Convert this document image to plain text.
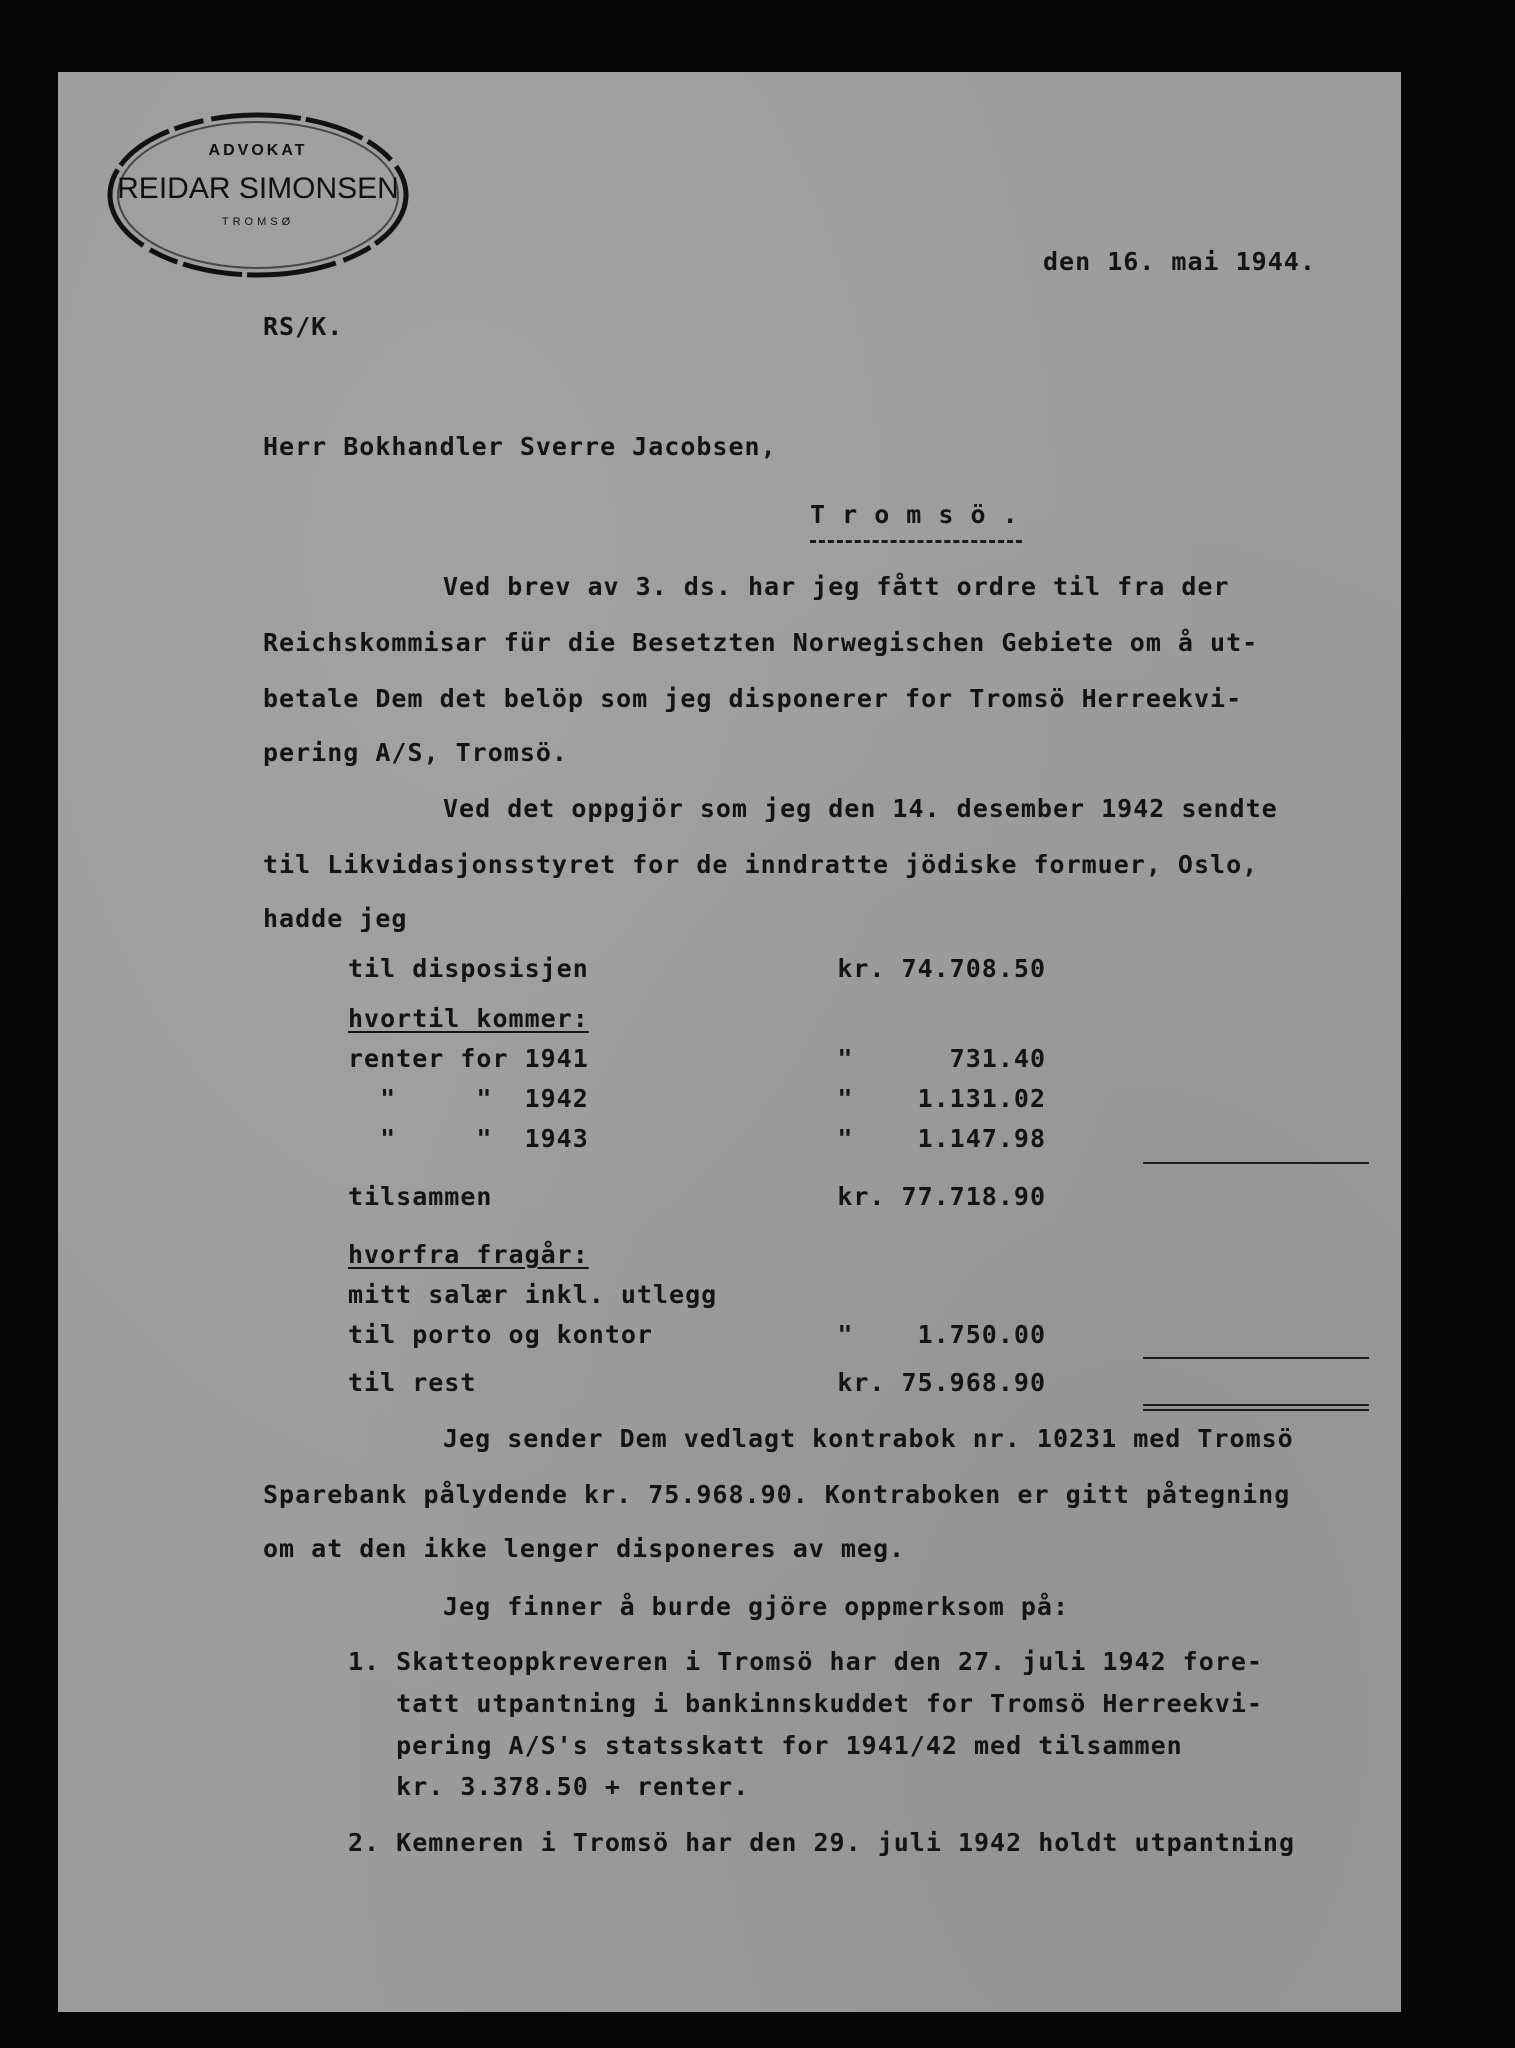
ADVOKAT
REIDAR SIMONSEN
TROMSØ
den 16. mai 1944.
RS/K.
Herr Bokhandler Sverre Jacobsen,
T r o m s ö .
Ved brev av 3. ds. har jeg fått ordre til fra der
Reichskommisar für die Besetzten Norwegischen Gebiete om å ut-
betale Dem det belöp som jeg disponerer for Tromsö Herreekvi-
pering A/S, Tromsö.
Ved det oppgjör som jeg den 14. desember 1942 sendte
til Likvidasjonsstyret for de inndratte jödiske formuer, Oslo,
hadde jeg
til disposisjen	kr. 74.708.50
hvortil kommer:
renter for 1941	"      731.40
"     "  1942	"    1.131.02
"     "  1943	"    1.147.98
tilsammen	kr. 77.718.90
hvorfra fragår:
mitt salær inkl. utlegg
til porto og kontor	"    1.750.00
til rest	kr. 75.968.90
Jeg sender Dem vedlagt kontrabok nr. 10231 med Tromsö
Sparebank pålydende kr. 75.968.90. Kontraboken er gitt påtegning
om at den ikke lenger disponeres av meg.
Jeg finner å burde gjöre oppmerksom på:
1. Skatteoppkreveren i Tromsö har den 27. juli 1942 fore-
tatt utpantning i bankinnskuddet for Tromsö Herreekvi-
pering A/S's statsskatt for 1941/42 med tilsammen
kr. 3.378.50 + renter.
2. Kemneren i Tromsö har den 29. juli 1942 holdt utpantning
